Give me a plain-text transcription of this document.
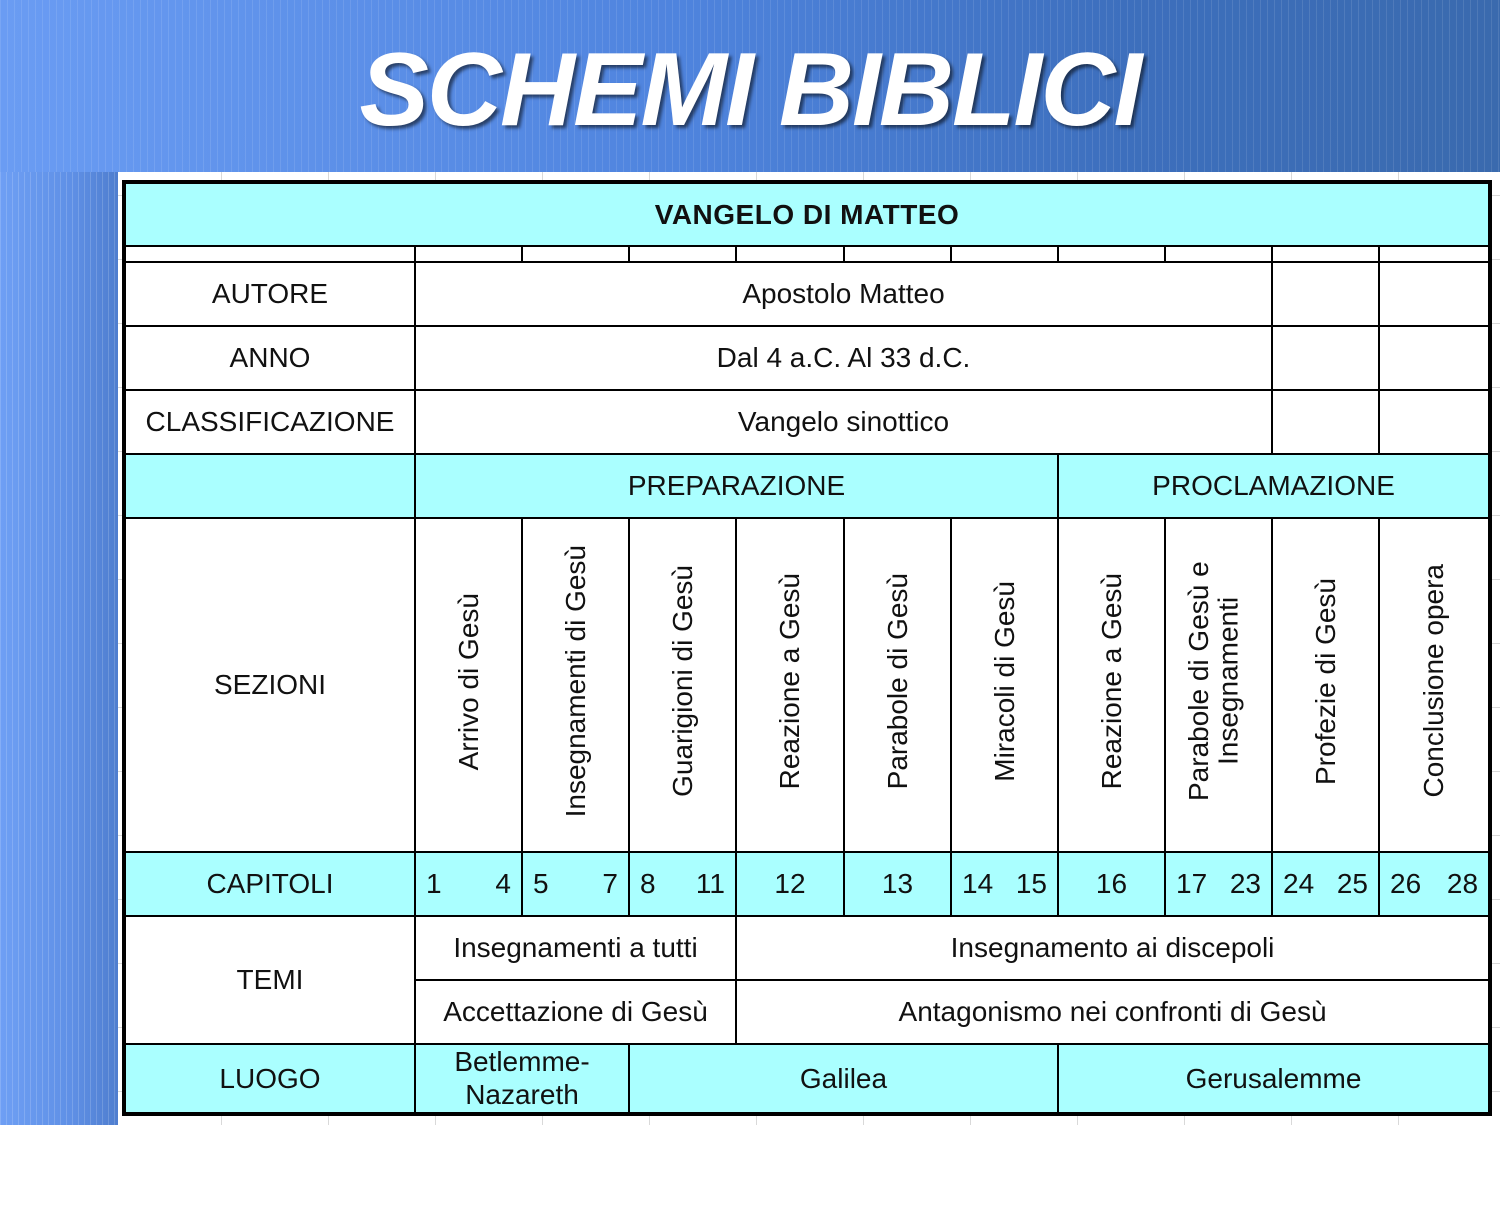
SCHEMI BIBLICI
VANGELO DI MATTEO										

AUTORE	Apostolo Matteo									
ANNO	Dal 4 a.C. Al 33 d.C.									
CLASSIFICAZIONE	Vangelo sinottico									
	PREPARAZIONE						PROCLAMAZIONE			
SEZIONI	Arrivo di Gesù	Insegnamenti di Gesù	Guarigioni di Gesù	Reazione a Gesù	Parabole di Gesù	Miracoli di Gesù	Reazione a Gesù	Parabole di Gesù e Insegnamenti	Profezie di Gesù	Conclusione opera
CAPITOLI	1 4	5 7	8 11	12	13	14 15	16	17 23	24 25	26 28

TEMI	Insegnamenti a tutti			Insegnamento ai discepoli						
	Accettazione di Gesù			Antagonismo nei confronti di Gesù						
LUOGO	Betlemme-Nazareth		Galilea				Gerusalemme			
